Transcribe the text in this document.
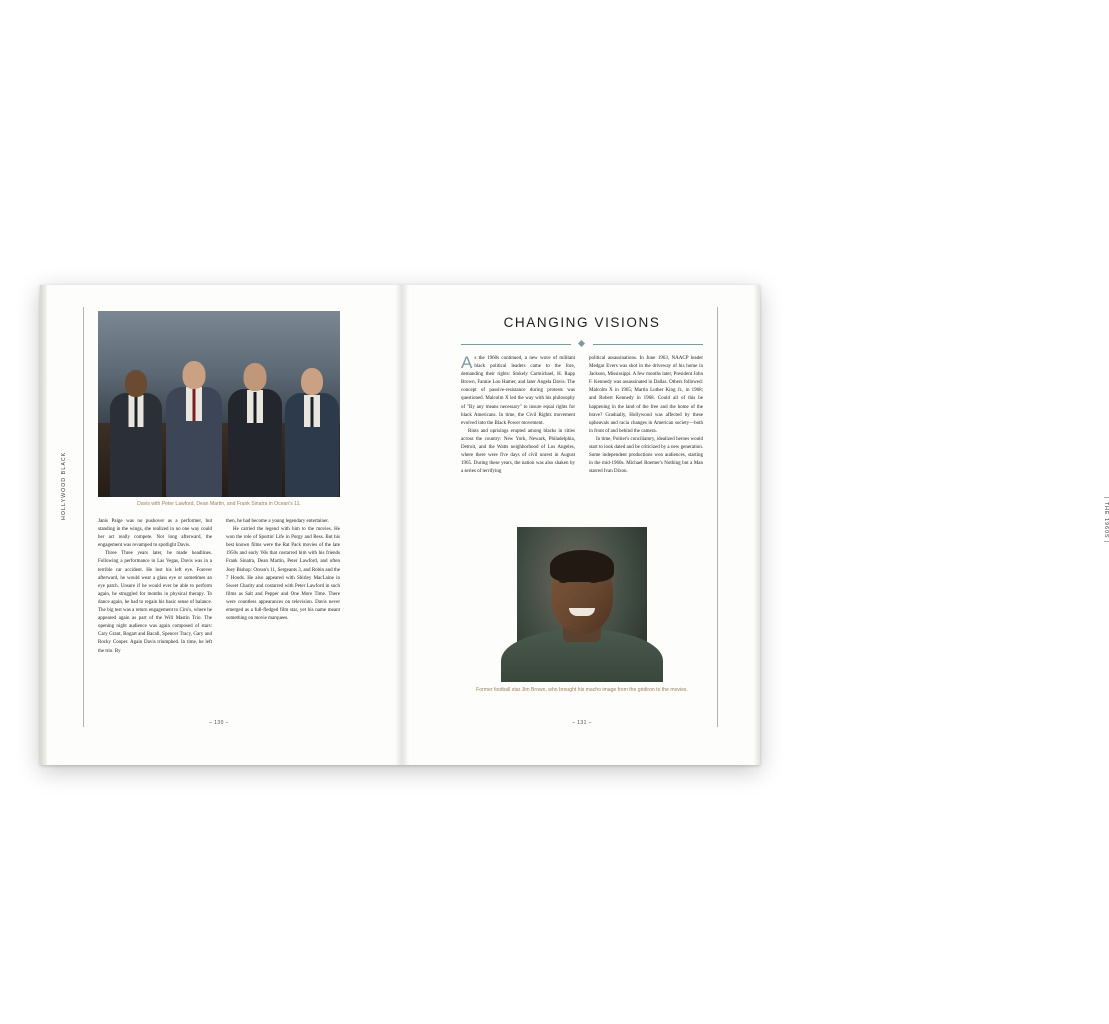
HOLLYWOOD BLACK	Davis with Peter Lawford, Dean Martin, and Frank Sinatra in Ocean's 11.

Janis Paige was no pushover as a performer, but standing in the wings, she realized in no one way could her act really compete. Not long afterward, the engagement was revamped to spotlight Davis.

Three Three years later, he made headlines. Following a performance in Las Vegas, Davis was in a terrible car accident. He lost his left eye. Forever afterward, he would wear a glass eye or sometimes an eye patch. Unsure if he would ever be able to perform again, he struggled for months in physical therapy. To dance again, he had to regain his basic sense of balance. The big test was a return engagement to Ciro's, where he appeared again as part of the Will Mastin Trio. The opening night audience was again composed of stars: Cary Grant, Bogart and Bacall, Spencer Tracy, Gary and Rocky Cooper. Again Davis triumphed. In time, he left the trio. By

then, he had become a young legendary entertainer.

He carried the legend with him to the movies. He won the role of Sportin' Life in Porgy and Bess. But his best known films were the Rat Pack movies of the late 1950s and early '60s that costarred him with his friends Frank Sinatra, Dean Martin, Peter Lawford, and often Joey Bishop: Ocean's 11, Sergeants 3, and Robin and the 7 Hoods. He also appeared with Shirley MacLaine in Sweet Charity and costarred with Peter Lawford in such films as Salt and Pepper and One More Time. There were countless appearances on television. Davis never emerged as a full-fledged film star, yet his name meant something on movie marquees.

– 130 –
| THE 1960S |
CHANGING VISIONS

As the 1960s continued, a new wave of militant black political leaders came to the fore, demanding their rights: Stokely Carmichael, H. Rapp Brown, Fannie Lou Hamer, and later Angela Davis. The concept of passive-resistance during protests was questioned. Malcolm X led the way with his philosophy of "By any means necessary" to insure equal rights for black Americans. In time, the Civil Rights movement evolved into the Black Power movement.

Riots and uprisings erupted among blacks in cities across the country: New York, Newark, Philadelphia, Detroit, and the Watts neighborhood of Los Angeles, where there were five days of civil unrest in August 1965. During these years, the nation was also shaken by a series of terrifying

political assassinations. In June 1963, NAACP leader Medgar Evers was shot in the driveway of his home in Jackson, Mississippi. A few months later, President John F. Kennedy was assassinated in Dallas. Others followed: Malcolm X in 1965; Martin Luther King Jr., in 1968; and Robert Kennedy in 1968. Could all of this be happening in the land of the free and the home of the brave? Gradually, Hollywood was affected by these upheavals and racia changes in American society—both in front of and behind the camera.

In time, Poitier's conciliatory, idealized heroes would start to look dated and be criticized by a new generation. Some independent productions won audiences, starting in the mid-1960s. Michael Roemer's Nothing but a Man starred Ivan Dixon.

Former football star Jim Brown, who brought his macho image from the gridiron to the movies.
– 131 –
